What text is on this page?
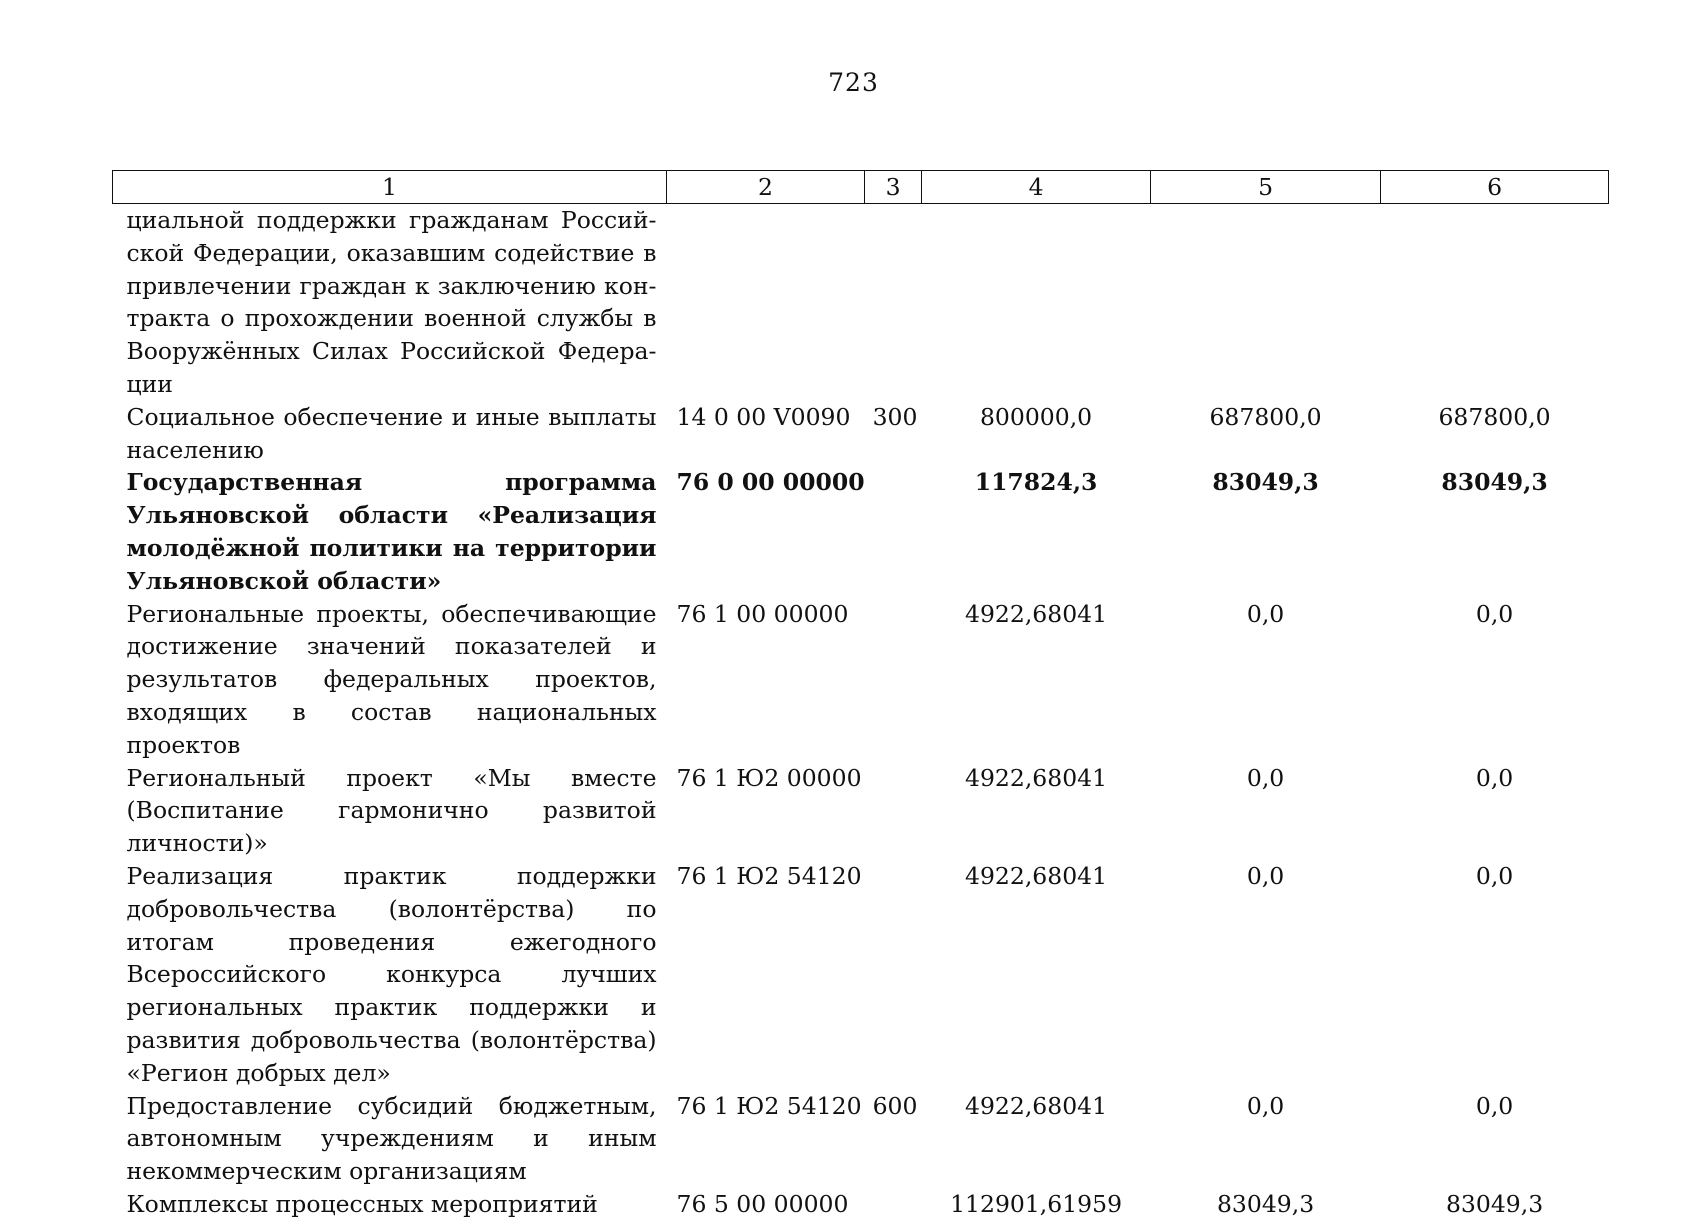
723
1	2	3	4	5	6
циальной поддержки гражданам Российской Федерации, оказавшим содействие в привлечении граждан к заключению контракта о прохождении военной службы в Вооружённых Силах Российской Федерации					
Социальное обеспечение и иные выплаты населению	14 0 00 V0090	300	800000,0	687800,0	687800,0
Государственная программа Ульяновской области «Реализация молодёжной политики на территории Ульяновской области»	76 0 00 00000		117824,3	83049,3	83049,3
Региональные проекты, обеспечивающие достижение значений показателей и результатов федеральных проектов, входящих в состав национальных проектов	76 1 00 00000		4922,68041	0,0	0,0
Региональный проект «Мы вместе (Воспитание гармонично развитой личности)»	76 1 Ю2 00000		4922,68041	0,0	0,0
Реализация практик поддержки добровольчества (волонтёрства) по итогам проведения ежегодного Всероссийского конкурса лучших региональных практик поддержки и развития добровольчества (волонтёрства) «Регион добрых дел»	76 1 Ю2 54120		4922,68041	0,0	0,0
Предоставление субсидий бюджетным, автономным учреждениям и иным некоммерческим организациям	76 1 Ю2 54120	600	4922,68041	0,0	0,0
Комплексы процессных мероприятий	76 5 00 00000		112901,61959	83049,3	83049,3
